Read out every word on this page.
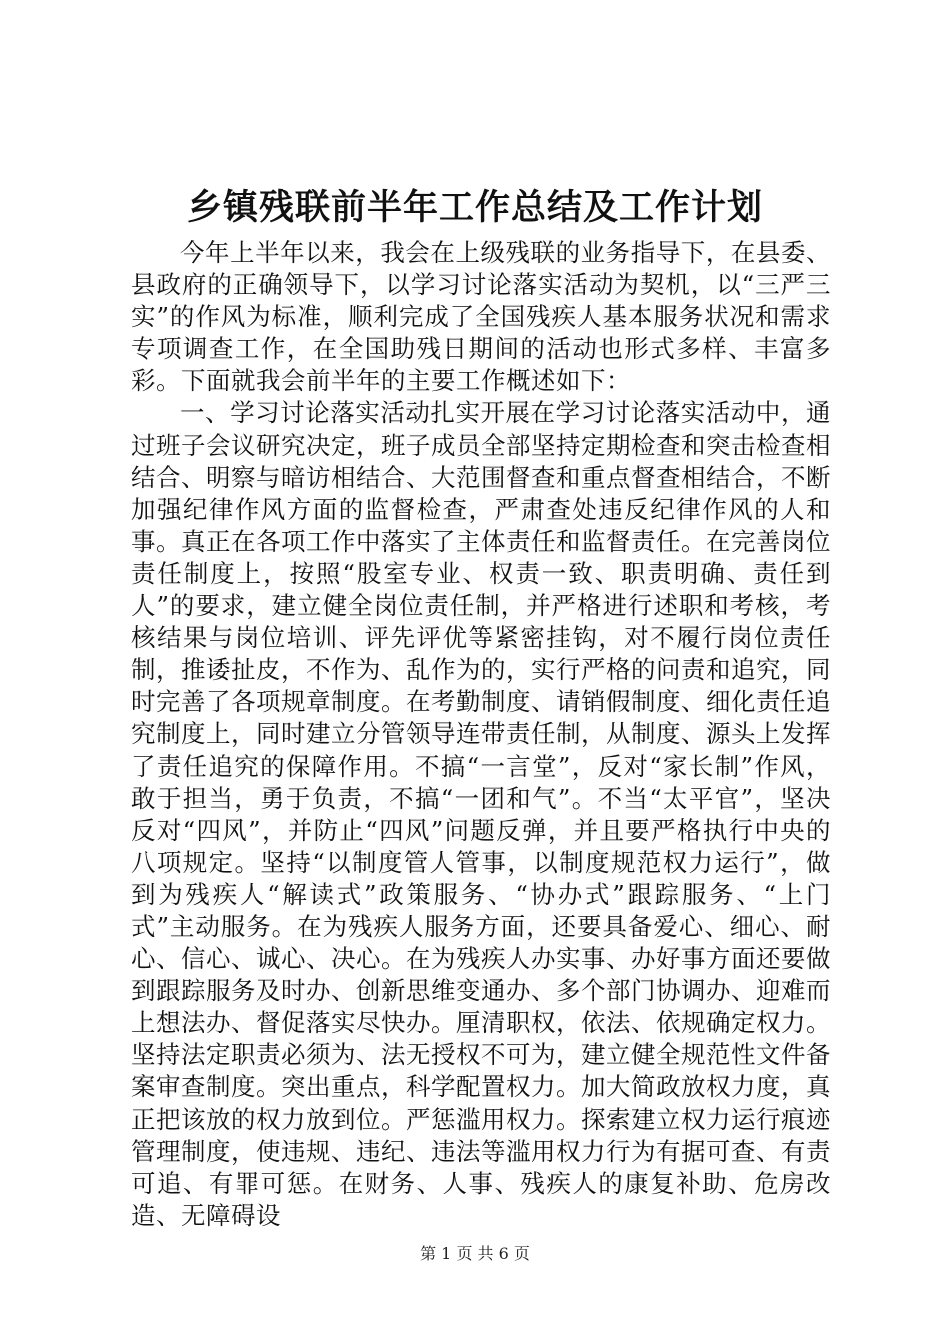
乡镇残联前半年工作总结及工作计划

今年上半年以来，我会在上级残联的业务指导下，在县委、县政府的正确领导下，以学习讨论落实活动为契机，以“三严三实”的作风为标准，顺利完成了全国残疾人基本服务状况和需求专项调查工作，在全国助残日期间的活动也形式多样、丰富多彩。下面就我会前半年的主要工作概述如下：

一、学习讨论落实活动扎实开展在学习讨论落实活动中，通过班子会议研究决定，班子成员全部坚持定期检查和突击检查相结合、明察与暗访相结合、大范围督查和重点督查相结合，不断加强纪律作风方面的监督检查，严肃查处违反纪律作风的人和事。真正在各项工作中落实了主体责任和监督责任。在完善岗位责任制度上，按照“股室专业、权责一致、职责明确、责任到人”的要求，建立健全岗位责任制，并严格进行述职和考核，考核结果与岗位培训、评先评优等紧密挂钩，对不履行岗位责任制，推诿扯皮，不作为、乱作为的，实行严格的问责和追究，同时完善了各项规章制度。在考勤制度、请销假制度、细化责任追究制度上，同时建立分管领导连带责任制，从制度、源头上发挥了责任追究的保障作用。不搞“一言堂”，反对“家长制”作风，敢于担当，勇于负责，不搞“一团和气”。不当“太平官”，坚决反对“四风”，并防止“四风”问题反弹，并且要严格执行中央的八项规定。坚持“以制度管人管事，以制度规范权力运行”，做到为残疾人“解读式”政策服务、“协办式”跟踪服务、“上门式”主动服务。在为残疾人服务方面，还要具备爱心、细心、耐心、信心、诚心、决心。在为残疾人办实事、办好事方面还要做到跟踪服务及时办、创新思维变通办、多个部门协调办、迎难而上想法办、督促落实尽快办。厘清职权，依法、依规确定权力。坚持法定职责必须为、法无授权不可为，建立健全规范性文件备案审查制度。突出重点，科学配置权力。加大简政放权力度，真正把该放的权力放到位。严惩滥用权力。探索建立权力运行痕迹管理制度，使违规、违纪、违法等滥用权力行为有据可查、有责可追、有罪可惩。在财务、人事、残疾人的康复补助、危房改造、无障碍设

第 1 页 共 6 页
